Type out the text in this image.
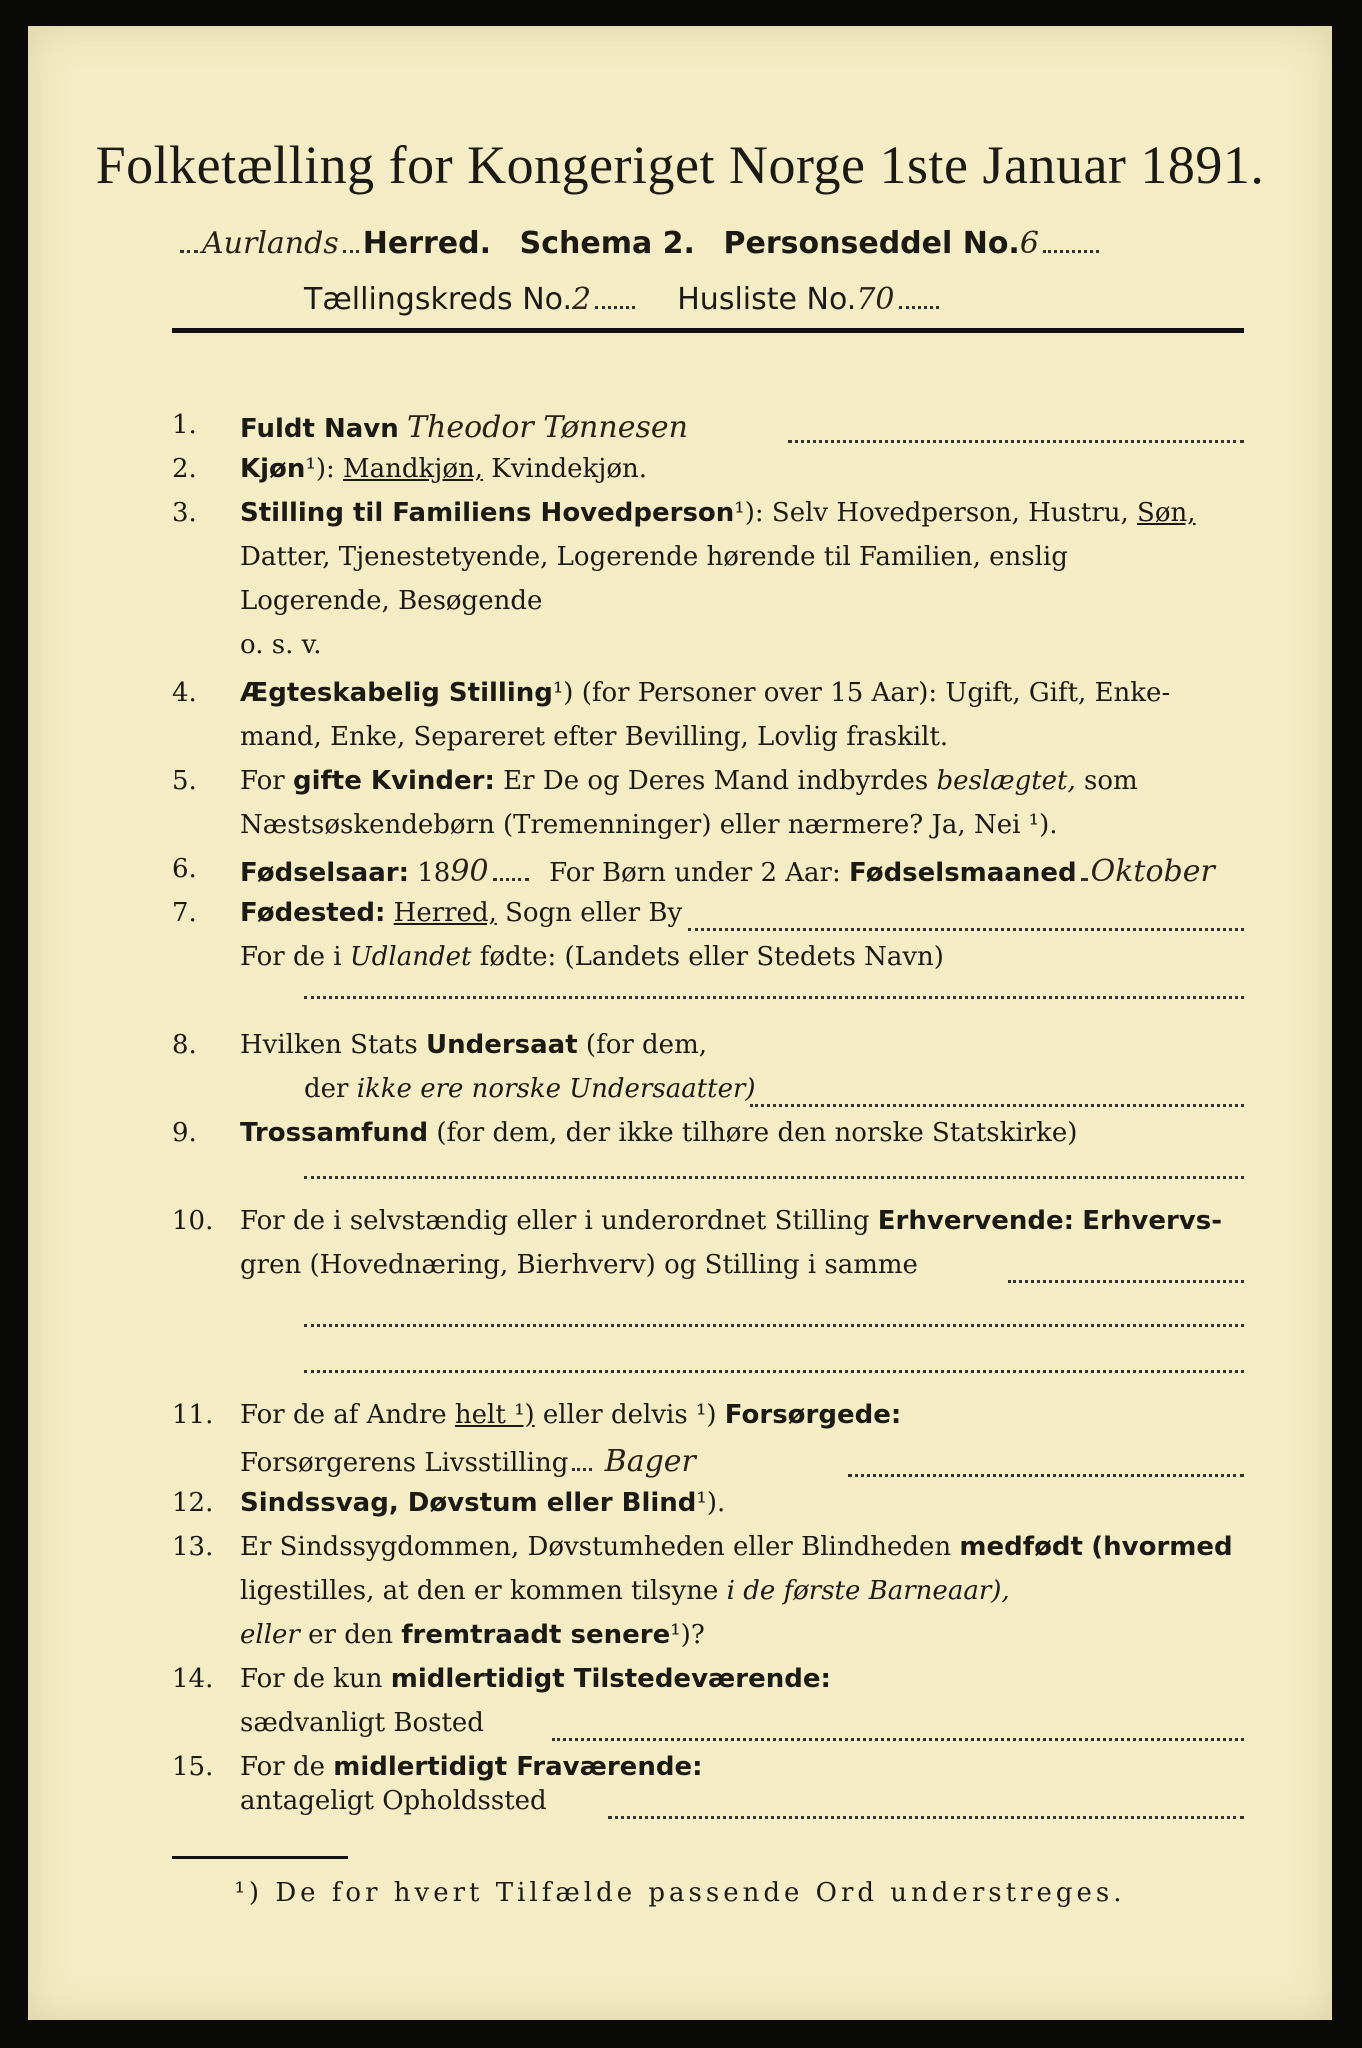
Folketælling for Kongeriget Norge 1ste Januar 1891.
Aurlands Herred. Schema 2. Personseddel No.6
Tællingskreds No.2	Husliste No.70
1. Fuldt Navn Theodor Tønnesen
2. Kjøn¹): Mandkjøn, Kvindekjøn.
3. Stilling til Familiens Hovedperson¹): Selv Hovedperson, Hustru, Søn,
Datter, Tjenestetyende, Logerende hørende til Familien, enslig
Logerende, Besøgende
o. s. v.
4. Ægteskabelig Stilling¹) (for Personer over 15 Aar): Ugift, Gift, Enke-
mand, Enke, Separeret efter Bevilling, Lovlig fraskilt.
5. For gifte Kvinder: Er De og Deres Mand indbyrdes beslægtet, som
Næstsøskendebørn (Tremenninger) eller nærmere? Ja, Nei ¹).
6. Fødselsaar: 1890 For Børn under 2 Aar: Fødselsmaaned Oktober
7. Fødested: Herred, Sogn eller By
For de i Udlandet fødte: (Landets eller Stedets Navn)
8. Hvilken Stats Undersaat (for dem,
der ikke ere norske Undersaatter)
9. Trossamfund (for dem, der ikke tilhøre den norske Statskirke)
10. For de i selvstændig eller i underordnet Stilling Erhvervende: Erhvervs-
gren (Hovednæring, Bierhverv) og Stilling i samme
11. For de af Andre helt ¹) eller delvis ¹) Forsørgede:
Forsørgerens Livsstilling Bager
12. Sindssvag, Døvstum eller Blind¹).
13. Er Sindssygdommen, Døvstumheden eller Blindheden medfødt (hvormed
ligestilles, at den er kommen tilsyne i de første Barneaar),
eller er den fremtraadt senere¹)?
14. For de kun midlertidigt Tilstedeværende:
sædvanligt Bosted
15. For de midlertidigt Fraværende:
antageligt Opholdssted
¹) De for hvert Tilfælde passende Ord understreges.
